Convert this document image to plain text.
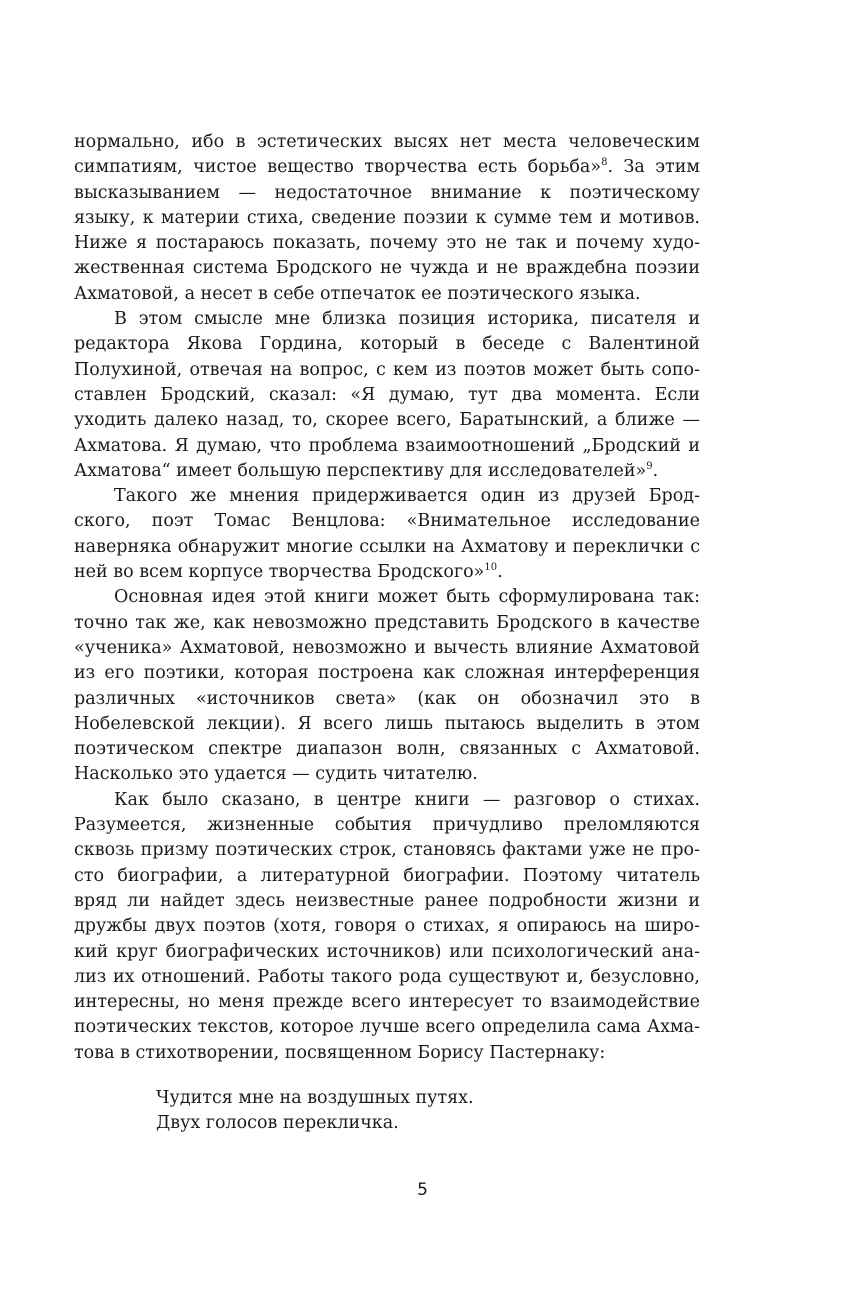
нормально, ибо в эстетических высях нет места человеческим симпатиям, чистое вещество творчества есть борьба»$^8$. За этим высказыванием — недостаточное внимание к поэтическому языку, к материи стиха, сведение поэзии к сумме тем и мотивов. Ниже я постараюсь показать, почему это не так и почему художественная система Бродского не чужда и не враждебна поэзии Ахматовой, а несет в себе отпечаток ее поэтического языка.

В этом смысле мне близка позиция историка, писателя и редактора Якова Гордина, который в беседе с Валентиной Полухиной, отвечая на вопрос, с кем из поэтов может быть сопоставлен Бродский, сказал: «Я думаю, тут два момента. Если уходить далеко назад, то, скорее всего, Баратынский, а ближе — Ахматова. Я думаю, что проблема взаимоотношений „Бродский и Ахматова“ имеет большую перспективу для исследователей»$^9$.

Такого же мнения придерживается один из друзей Бродского, поэт Томас Венцлова: «Внимательное исследование наверняка обнаружит многие ссылки на Ахматову и переклички с ней во всем корпусе творчества Бродского»$^{10}$.

Основная идея этой книги может быть сформулирована так: точно так же, как невозможно представить Бродского в качестве «ученика» Ахматовой, невозможно и вычесть влияние Ахматовой из его поэтики, которая построена как сложная интерференция различных «источников света» (как он обозначил это в Нобелевской лекции). Я всего лишь пытаюсь выделить в этом поэтическом спектре диапазон волн, связанных с Ахматовой. Насколько это удается — судить читателю.

Как было сказано, в центре книги — разговор о стихах. Разумеется, жизненные события причудливо преломляются сквозь призму поэтических строк, становясь фактами уже не просто биографии, а литературной биографии. Поэтому читатель вряд ли найдет здесь неизвестные ранее подробности жизни и дружбы двух поэтов (хотя, говоря о стихах, я опираюсь на широкий круг биографических источников) или психологический анализ их отношений. Работы такого рода существуют и, безусловно, интересны, но меня прежде всего интересует то взаимодействие поэтических текстов, которое лучше всего определила сама Ахматова в стихотворении, посвященном Борису Пастернаку:

Чудится мне на воздушных путях.
Двух голосов перекличка.
5
